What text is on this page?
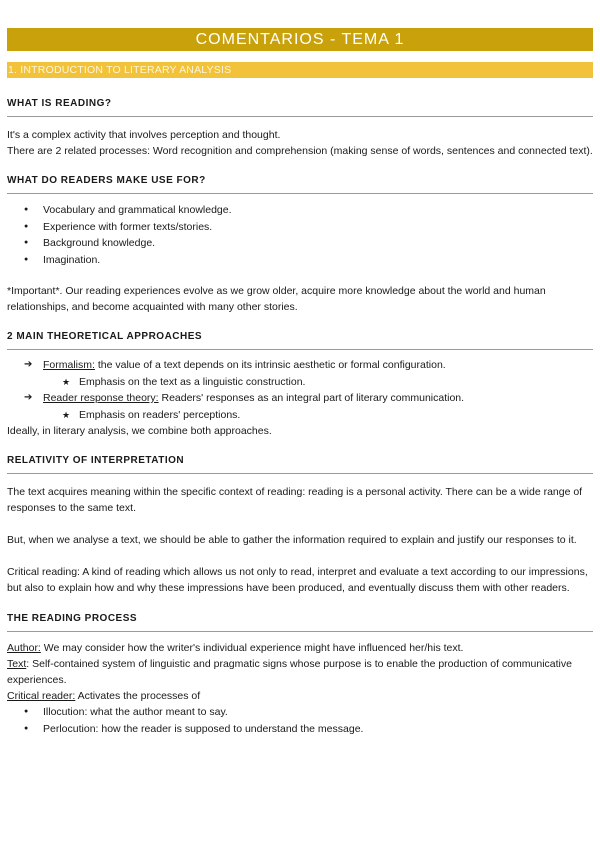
COMENTARIOS - TEMA 1
1. INTRODUCTION TO LITERARY ANALYSIS
WHAT IS READING?

It's a complex activity that involves perception and thought.

There are 2 related processes: Word recognition and comprehension (making sense of words, sentences and connected text).

WHAT DO READERS MAKE USE FOR?
● Vocabulary and grammatical knowledge.
● Experience with former texts/stories.
● Background knowledge.
● Imagination.

*Important*. Our reading experiences evolve as we grow older, acquire more knowledge about the world and human relationships, and become acquainted with many other stories.

2 MAIN THEORETICAL APPROACHES
➔ Formalism: the value of a text depends on its intrinsic aesthetic or formal configuration.
★ Emphasis on the text as a linguistic construction.
➔ Reader response theory: Readers' responses as an integral part of literary communication.
★ Emphasis on readers' perceptions.

Ideally, in literary analysis, we combine both approaches.

RELATIVITY OF INTERPRETATION

The text acquires meaning within the specific context of reading: reading is a personal activity. There can be a wide range of responses to the same text.

But, when we analyse a text, we should be able to gather the information required to explain and justify our responses to it.

Critical reading: A kind of reading which allows us not only to read, interpret and evaluate a text according to our impressions, but also to explain how and why these impressions have been produced, and eventually discuss them with other readers.

THE READING PROCESS

Author: We may consider how the writer's individual experience might have influenced her/his text.

Text: Self-contained system of linguistic and pragmatic signs whose purpose is to enable the production of communicative experiences.

Critical reader: Activates the processes of

● Illocution: what the author meant to say.
● Perlocution: how the reader is supposed to understand the message.
